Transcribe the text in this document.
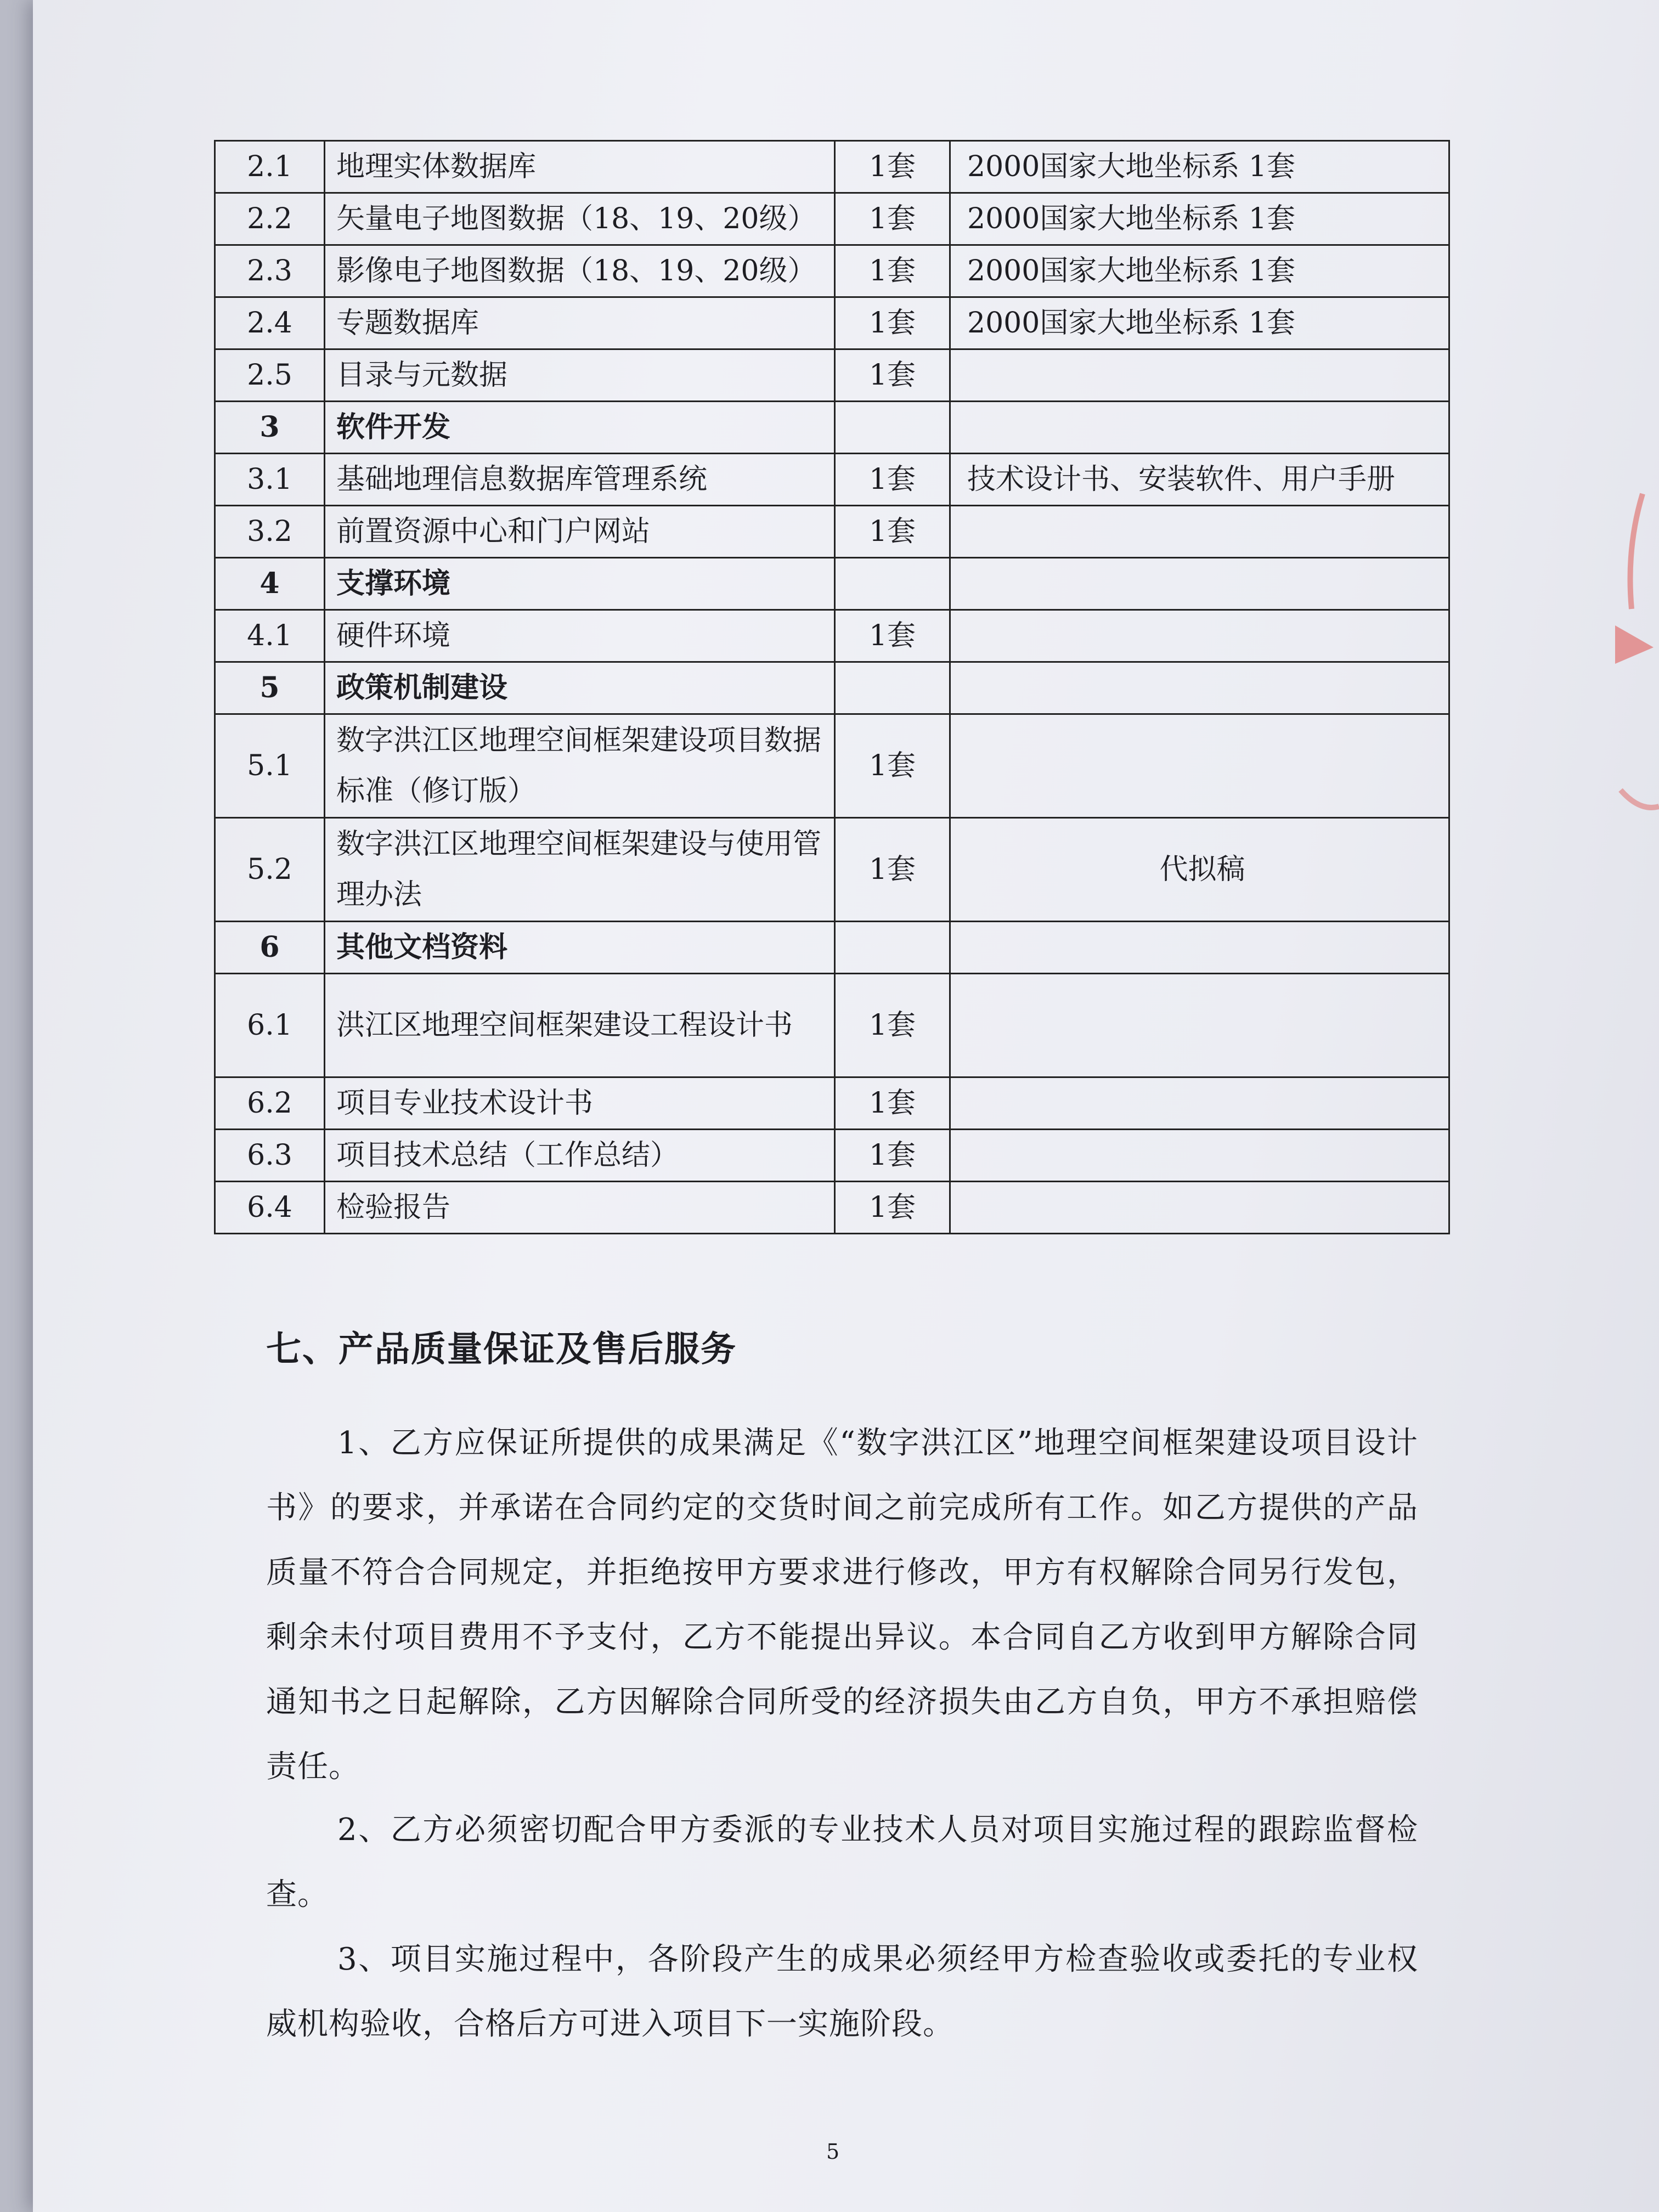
2.1	地理实体数据库	1套	2000国家大地坐标系 1套
2.2	矢量电子地图数据（18、19、20级）	1套	2000国家大地坐标系 1套
2.3	影像电子地图数据（18、19、20级）	1套	2000国家大地坐标系 1套
2.4	专题数据库	1套	2000国家大地坐标系 1套
2.5	目录与元数据	1套	
3	软件开发		
3.1	基础地理信息数据库管理系统	1套	技术设计书、安装软件、用户手册
3.2	前置资源中心和门户网站	1套	
4	支撑环境		
4.1	硬件环境	1套	
5	政策机制建设		
5.1	数字洪江区地理空间框架建设项目数据标准（修订版）	1套	
5.2	数字洪江区地理空间框架建设与使用管理办法	1套	代拟稿
6	其他文档资料		
6.1	洪江区地理空间框架建设工程设计书	1套	
6.2	项目专业技术设计书	1套	
6.3	项目技术总结（工作总结）	1套	
6.4	检验报告	1套	
七、产品质量保证及售后服务
1、乙方应保证所提供的成果满足《“数字洪江区”地理空间框架建设项目设计书》的要求，并承诺在合同约定的交货时间之前完成所有工作。如乙方提供的产品质量不符合合同规定，并拒绝按甲方要求进行修改，甲方有权解除合同另行发包，剩余未付项目费用不予支付，乙方不能提出异议。本合同自乙方收到甲方解除合同通知书之日起解除，乙方因解除合同所受的经济损失由乙方自负，甲方不承担赔偿责任。
2、乙方必须密切配合甲方委派的专业技术人员对项目实施过程的跟踪监督检查。
3、项目实施过程中，各阶段产生的成果必须经甲方检查验收或委托的专业权威机构验收，合格后方可进入项目下一实施阶段。
5
